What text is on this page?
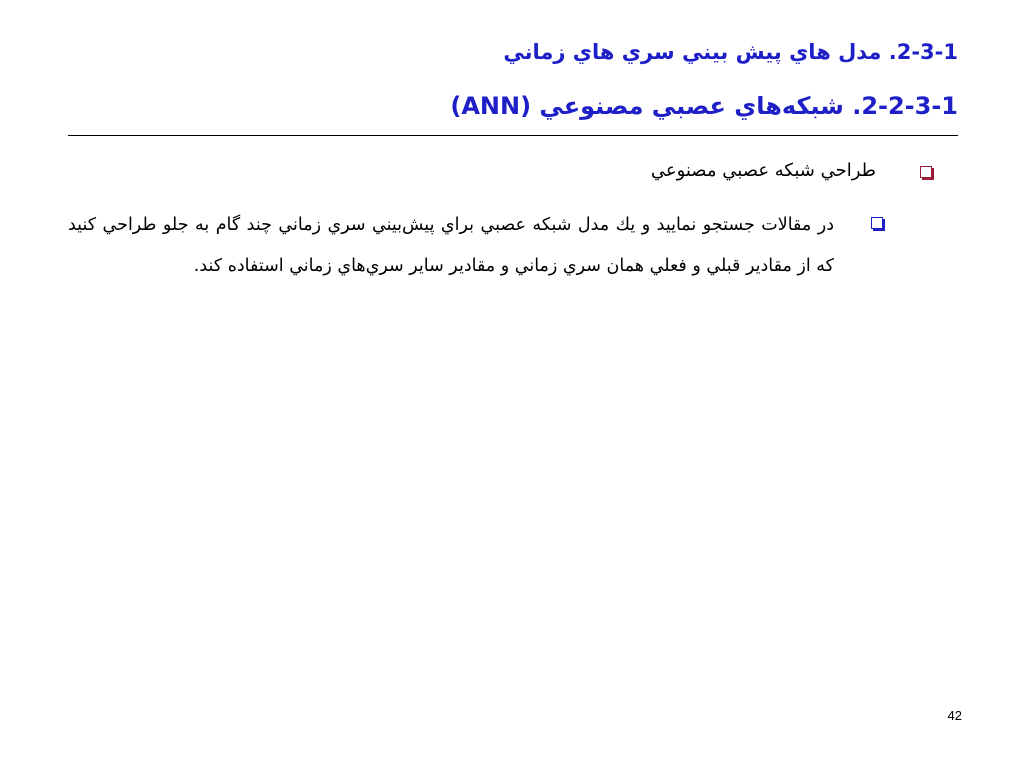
2-3-1. مدل هاي پيش بيني سري هاي زماني
2-2-3-1. شبکه‌هاي عصبي مصنوعي (ANN)
طراحي شبكه عصبي مصنوعي
در مقالات جستجو نماييد و يك مدل شبكه عصبي براي پيش‌بيني سري زماني چند گام به جلو طراحي كنيد كه از مقادير قبلي و فعلي همان سري زماني و مقادير ساير سري‌هاي زماني استفاده كند.
42
